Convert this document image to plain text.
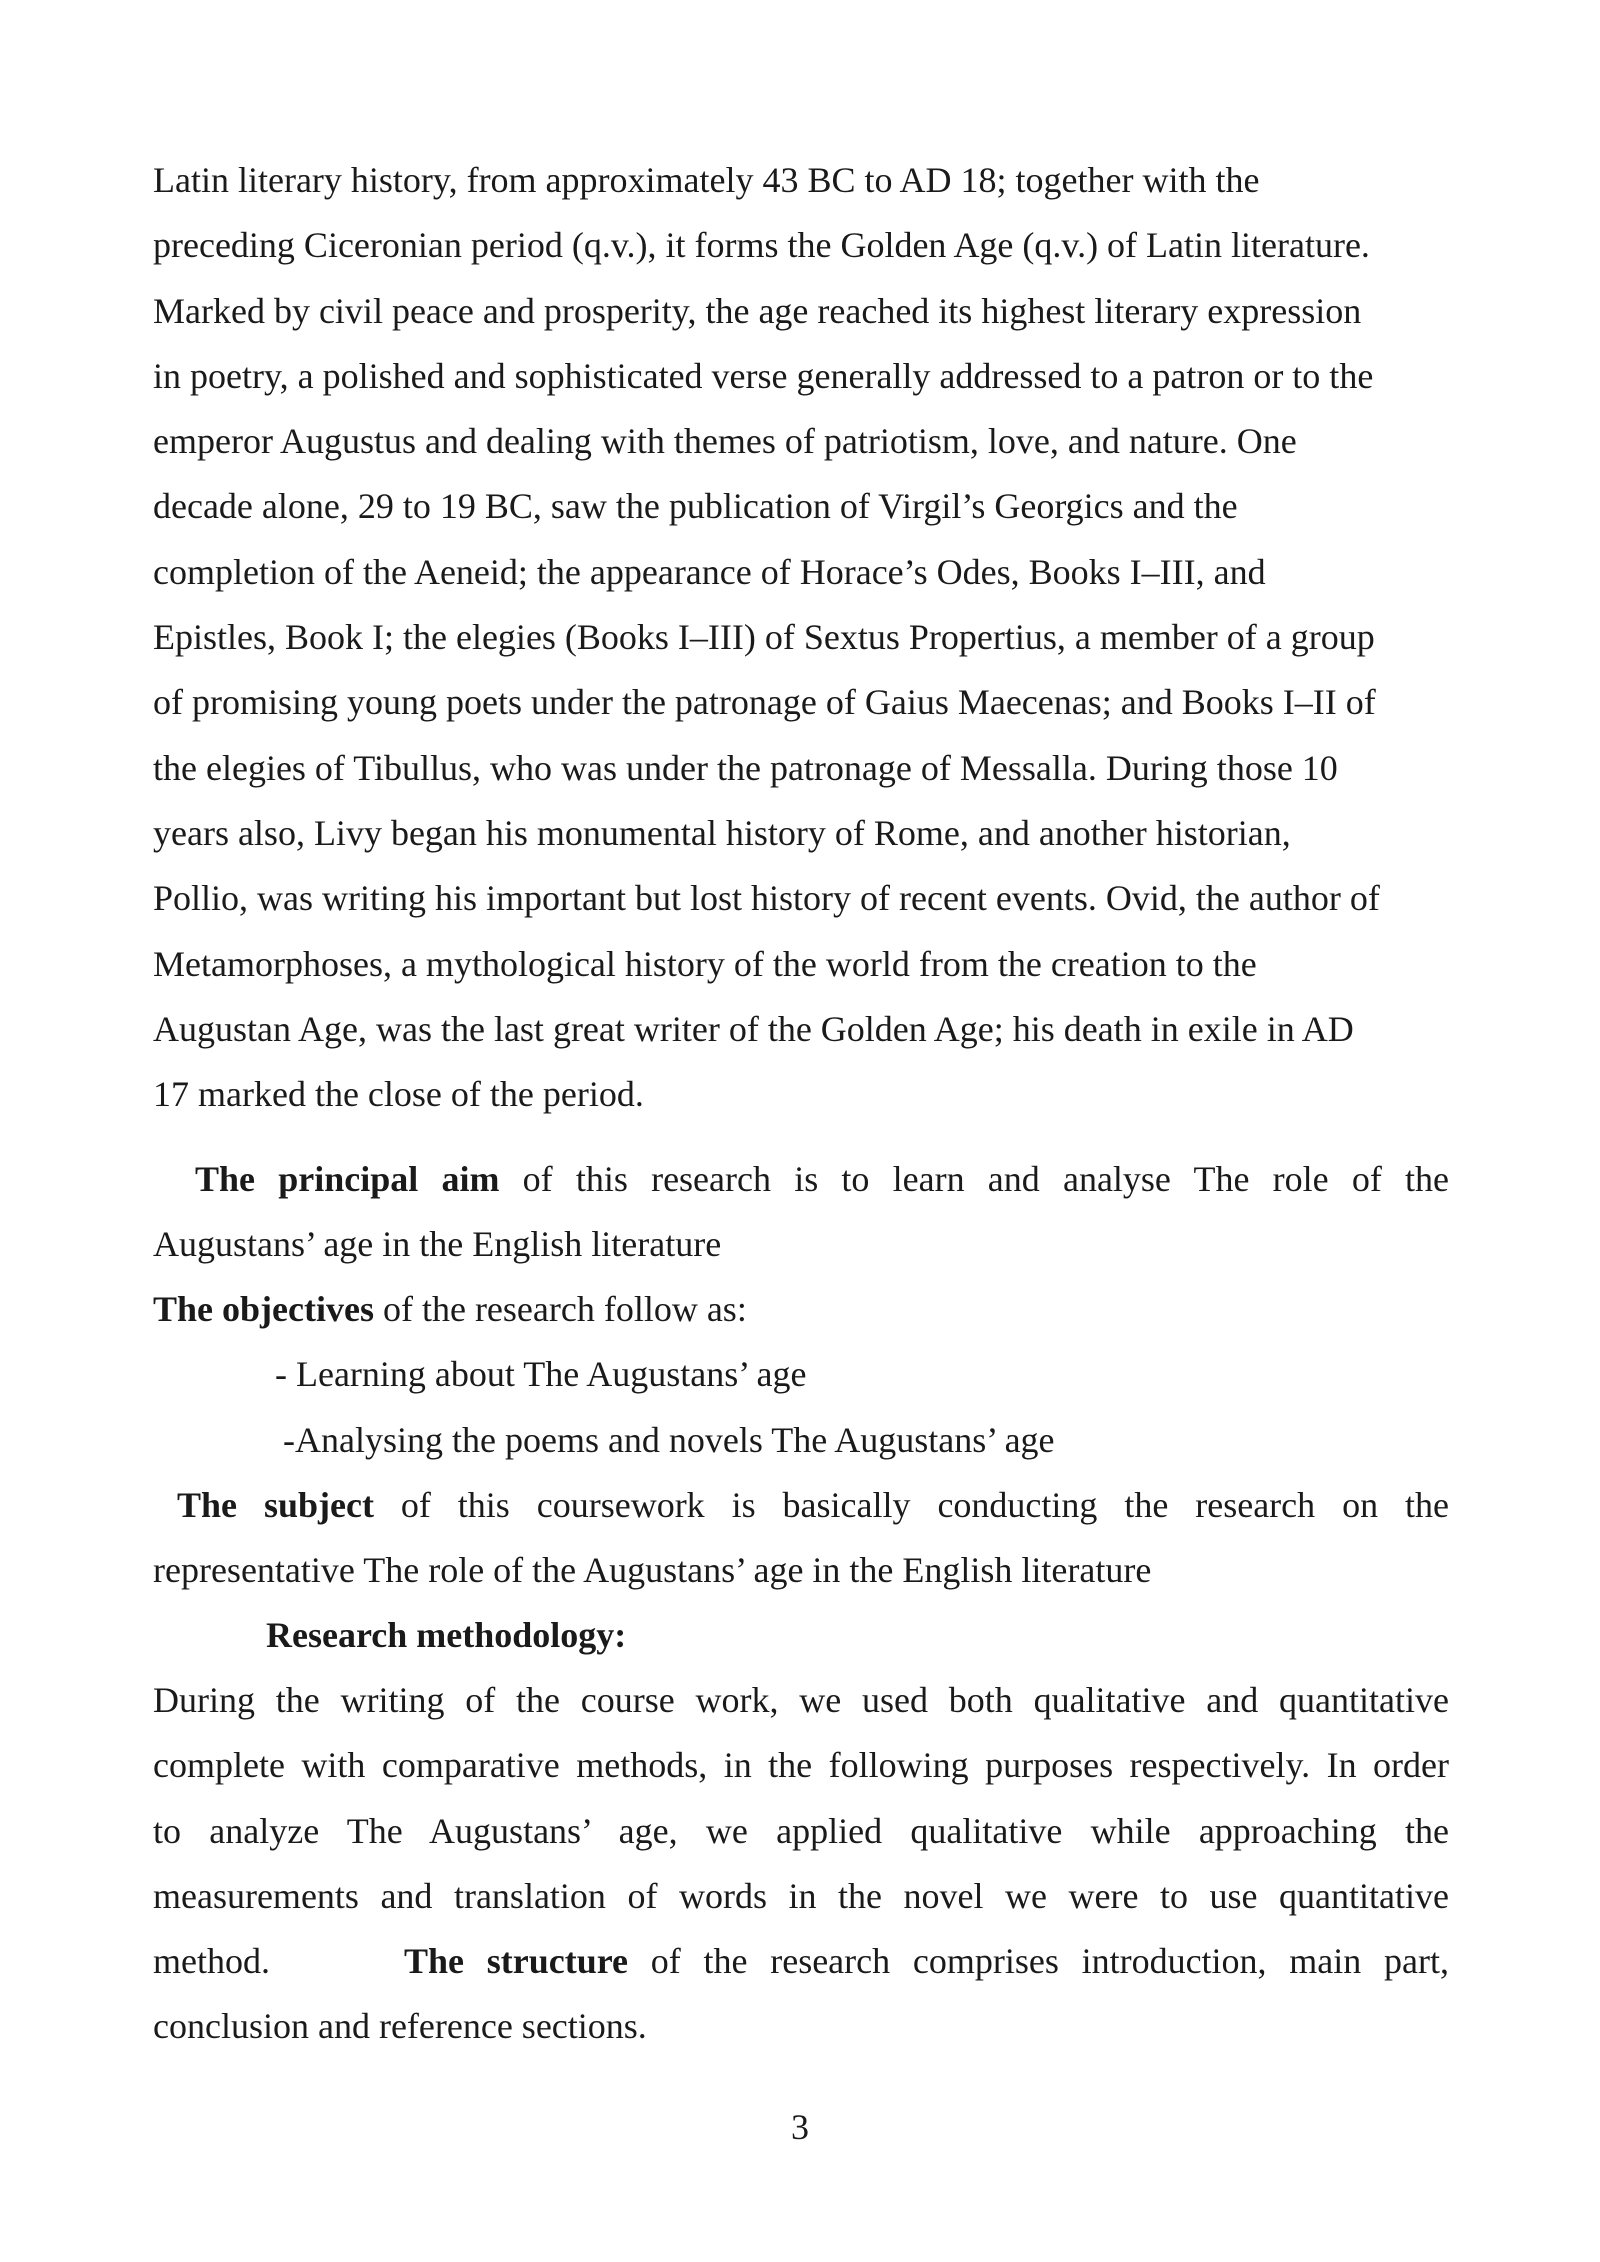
Latin literary history, from approximately 43 BC to AD 18; together with the
preceding Ciceronian period (q.v.), it forms the Golden Age (q.v.) of Latin literature.
Marked by civil peace and prosperity, the age reached its highest literary expression
in poetry, a polished and sophisticated verse generally addressed to a patron or to the
emperor Augustus and dealing with themes of patriotism, love, and nature. One
decade alone, 29 to 19 BC, saw the publication of Virgil’s Georgics and the
completion of the Aeneid; the appearance of Horace’s Odes, Books I–III, and
Epistles, Book I; the elegies (Books I–III) of Sextus Propertius, a member of a group
of promising young poets under the patronage of Gaius Maecenas; and Books I–II of
the elegies of Tibullus, who was under the patronage of Messalla. During those 10
years also, Livy began his monumental history of Rome, and another historian,
Pollio, was writing his important but lost history of recent events. Ovid, the author of
Metamorphoses, a mythological history of the world from the creation to the
Augustan Age, was the last great writer of the Golden Age; his death in exile in AD
17 marked the close of the period.
The principal aim of this research is to learn and analyse The role of the
Augustans’ age in the English literature
The objectives of the research follow as:
- Learning about The Augustans’ age
-Analysing the poems and novels The Augustans’ age
The subject of this coursework is basically conducting the research on the
representative The role of the Augustans’ age in the English literature

Research methodology:

During the writing of the course work, we used both qualitative and quantitative
complete with comparative methods, in the following purposes respectively. In order
to analyze The Augustans’ age, we applied qualitative while approaching the
measurements and translation of words in the novel we were to use quantitative
method.	The structure of the research comprises introduction, main part,
conclusion and reference sections.
3
